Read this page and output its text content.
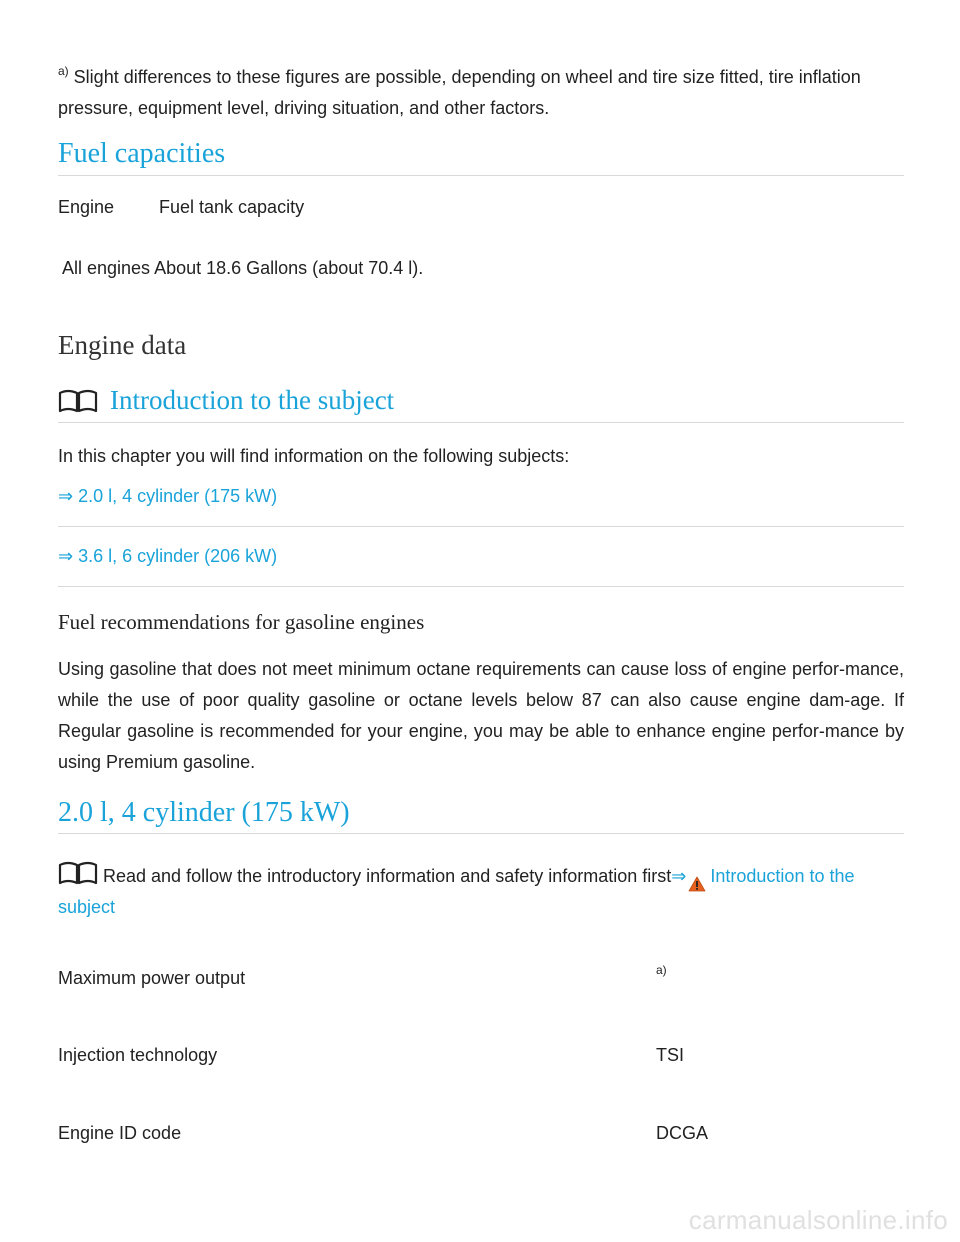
$^{a)}$ Slight differences to these figures are possible, depending on wheel and tire size fitted, tire inflation pressure, equipment level, driving situation, and other factors.

Fuel capacities
Engine Fuel tank capacity
All engines About 18.6 Gallons (about 70.4 l).
Engine data
Introduction to the subject
In this chapter you will find information on the following subjects:
⇒ 2.0 l, 4 cylinder (175 kW)
⇒ 3.6 l, 6 cylinder (206 kW)
Fuel recommendations for gasoline engines

Using gasoline that does not meet minimum octane requirements can cause loss of engine perfor-mance, while the use of poor quality gasoline or octane levels below 87 can also cause engine dam-age. If Regular gasoline is recommended for your engine, you may be able to enhance engine perfor-mance by using Premium gasoline.

2.0 l, 4 cylinder (175 kW)
Read and follow the introductory information and safety information first⇒ Introduction to the subject
Maximum power output	a)
Injection technology	TSI
Engine ID code	DCGA
carmanualsonline.info
